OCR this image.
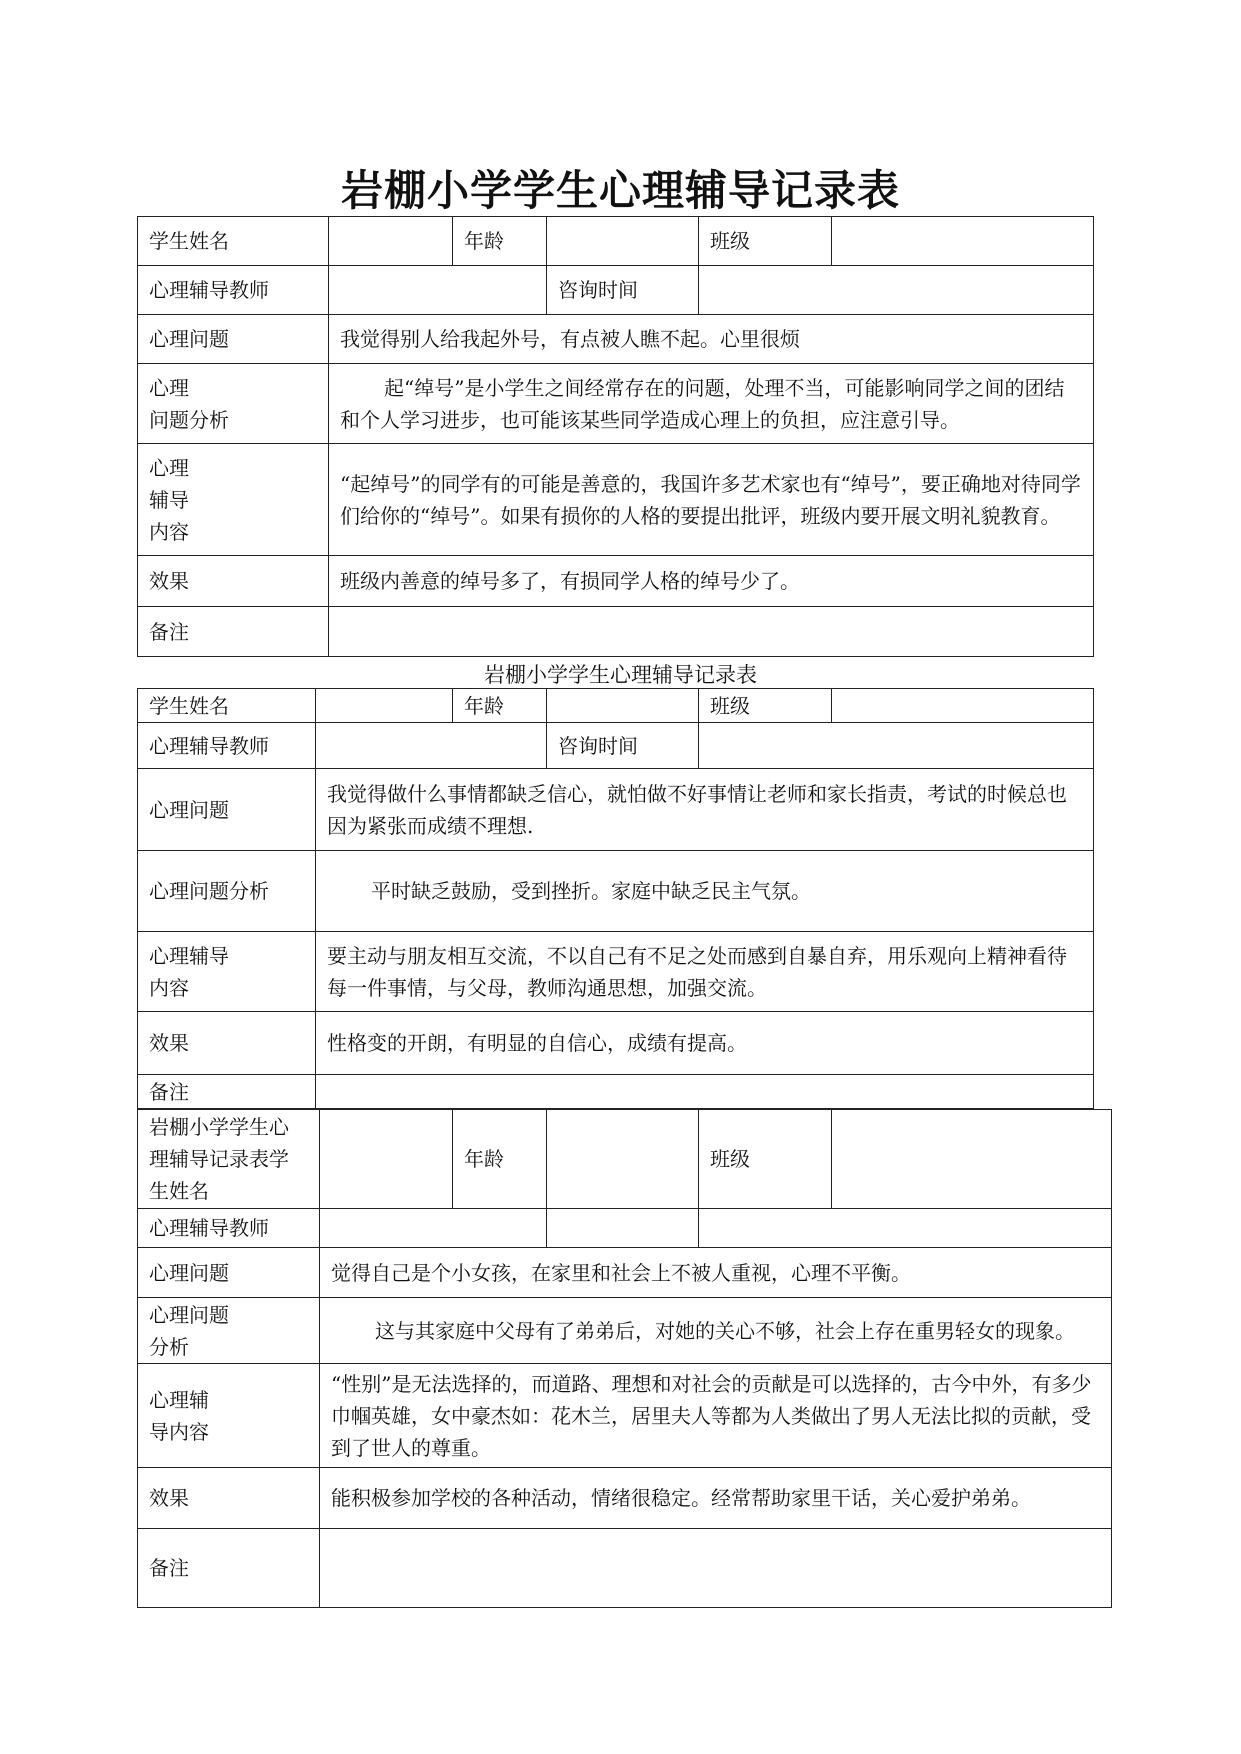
岩棚小学学生心理辅导记录表
学生姓名		年龄		班级	
心理辅导教师			咨询时间		
心理问题	我觉得别人给我起外号，有点被人瞧不起。心里很烦				

心理
问题分析	起“绰号”是小学生之间经常存在的问题，处理不当，可能影响同学之间的团结和个人学习进步，也可能该某些同学造成心理上的负担，应注意引导。				

心理
辅导
内容	“起绰号”的同学有的可能是善意的，我国许多艺术家也有“绰号”，要正确地对待同学们给你的“绰号”。如果有损你的人格的要提出批评，班级内要开展文明礼貌教育。				
效果	班级内善意的绰号多了，有损同学人格的绰号少了。				
备注					
岩棚小学学生心理辅导记录表
学生姓名		年龄		班级	
心理辅导教师			咨询时间		
心理问题	我觉得做什么事情都缺乏信心，就怕做不好事情让老师和家长指责，考试的时候总也因为紧张而成绩不理想.				
心理问题分析	平时缺乏鼓励，受到挫折。家庭中缺乏民主气氛。				

心理辅导
内容	要主动与朋友相互交流，不以自己有不足之处而感到自暴自弃，用乐观向上精神看待每一件事情，与父母，教师沟通思想，加强交流。				
效果	性格变的开朗，有明显的自信心，成绩有提高。				
备注					
岩棚小学学生心
理辅导记录表学
生姓名		年龄		班级	
心理辅导教师					
心理问题	觉得自己是个小女孩，在家里和社会上不被人重视，心理不平衡。				

心理问题
分析	这与其家庭中父母有了弟弟后，对她的关心不够，社会上存在重男轻女的现象。				

心理辅
导内容	“性别”是无法选择的，而道路、理想和对社会的贡献是可以选择的，古今中外，有多少巾帼英雄，女中豪杰如：花木兰，居里夫人等都为人类做出了男人无法比拟的贡献，受到了世人的尊重。				
效果	能积极参加学校的各种活动，情绪很稳定。经常帮助家里干话，关心爱护弟弟。				
备注					
